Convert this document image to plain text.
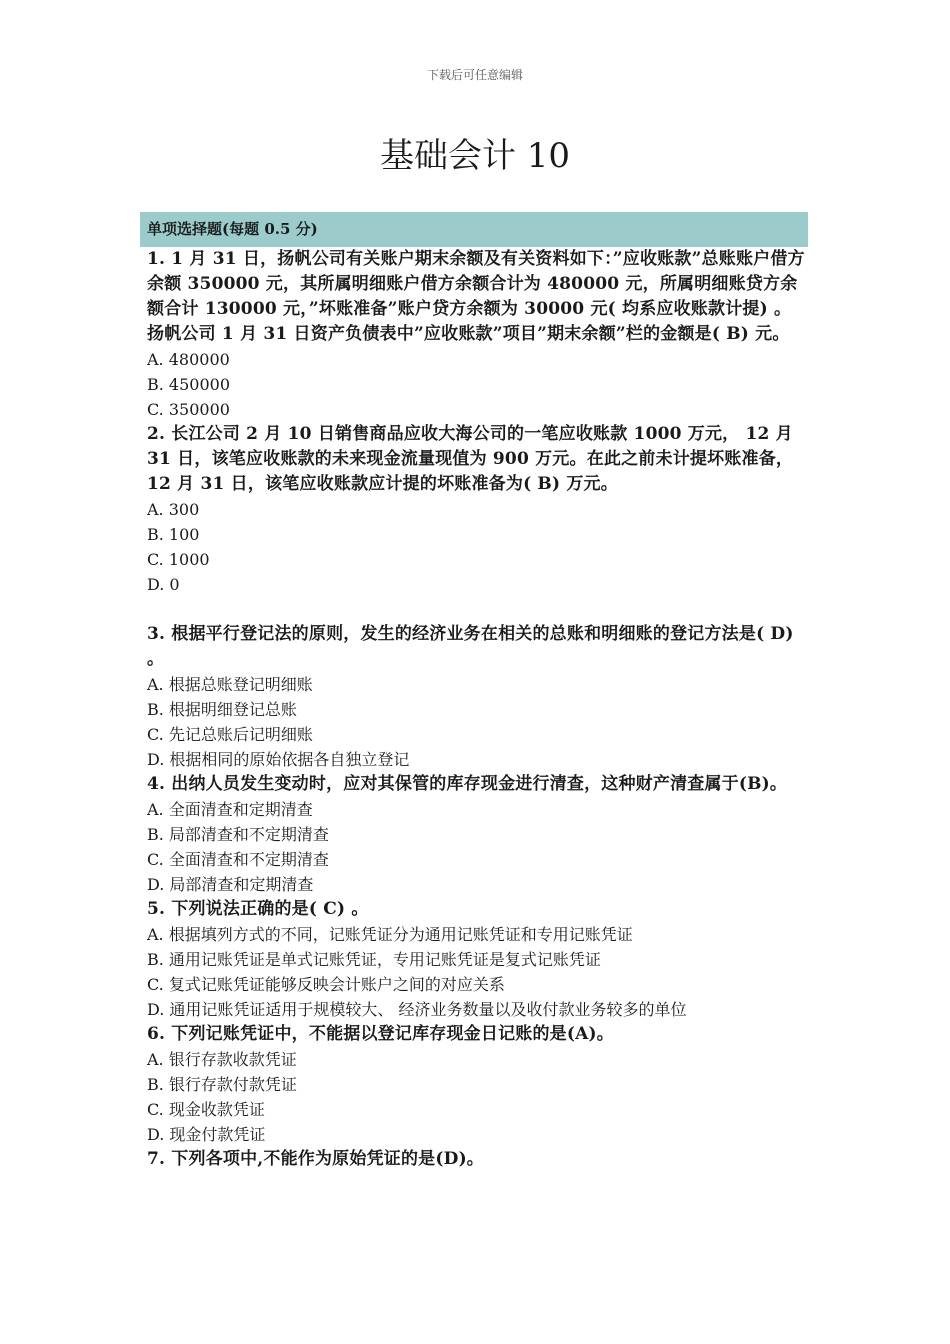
下载后可任意编辑
基础会计 10
单项选择题(每题 0.5 分)

1. 1 月 31 日，扬帆公司有关账户期末余额及有关资料如下：”应收账款”总账账户借方余额 350000 元，其所属明细账户借方余额合计为 480000 元，所属明细账贷方余额合计 130000 元，”坏账准备”账户贷方余额为 30000 元( 均系应收账款计提) 。扬帆公司 1 月 31 日资产负债表中”应收账款”项目”期末余额”栏的金额是( B) 元。

A. 480000

B. 450000

C. 350000

2. 长江公司 2 月 10 日销售商品应收大海公司的一笔应收账款 1000 万元， 12 月 31 日，该笔应收账款的未来现金流量现值为 900 万元。在此之前未计提坏账准备， 12 月 31 日，该笔应收账款应计提的坏账准备为( B) 万元。

A. 300

B. 100

C. 1000

D. 0

3. 根据平行登记法的原则，发生的经济业务在相关的总账和明细账的登记方法是( D) 。

A. 根据总账登记明细账

B. 根据明细登记总账

C. 先记总账后记明细账

D. 根据相同的原始依据各自独立登记

4. 出纳人员发生变动时，应对其保管的库存现金进行清查，这种财产清查属于(B)。

A. 全面清查和定期清查

B. 局部清查和不定期清查

C. 全面清查和不定期清查

D. 局部清查和定期清查

5. 下列说法正确的是( C) 。

A. 根据填列方式的不同，记账凭证分为通用记账凭证和专用记账凭证

B. 通用记账凭证是单式记账凭证，专用记账凭证是复式记账凭证

C. 复式记账凭证能够反映会计账户之间的对应关系

D. 通用记账凭证适用于规模较大、 经济业务数量以及收付款业务较多的单位

6. 下列记账凭证中，不能据以登记库存现金日记账的是(A)。

A. 银行存款收款凭证

B. 银行存款付款凭证

C. 现金收款凭证

D. 现金付款凭证

7. 下列各项中,不能作为原始凭证的是(D)。
